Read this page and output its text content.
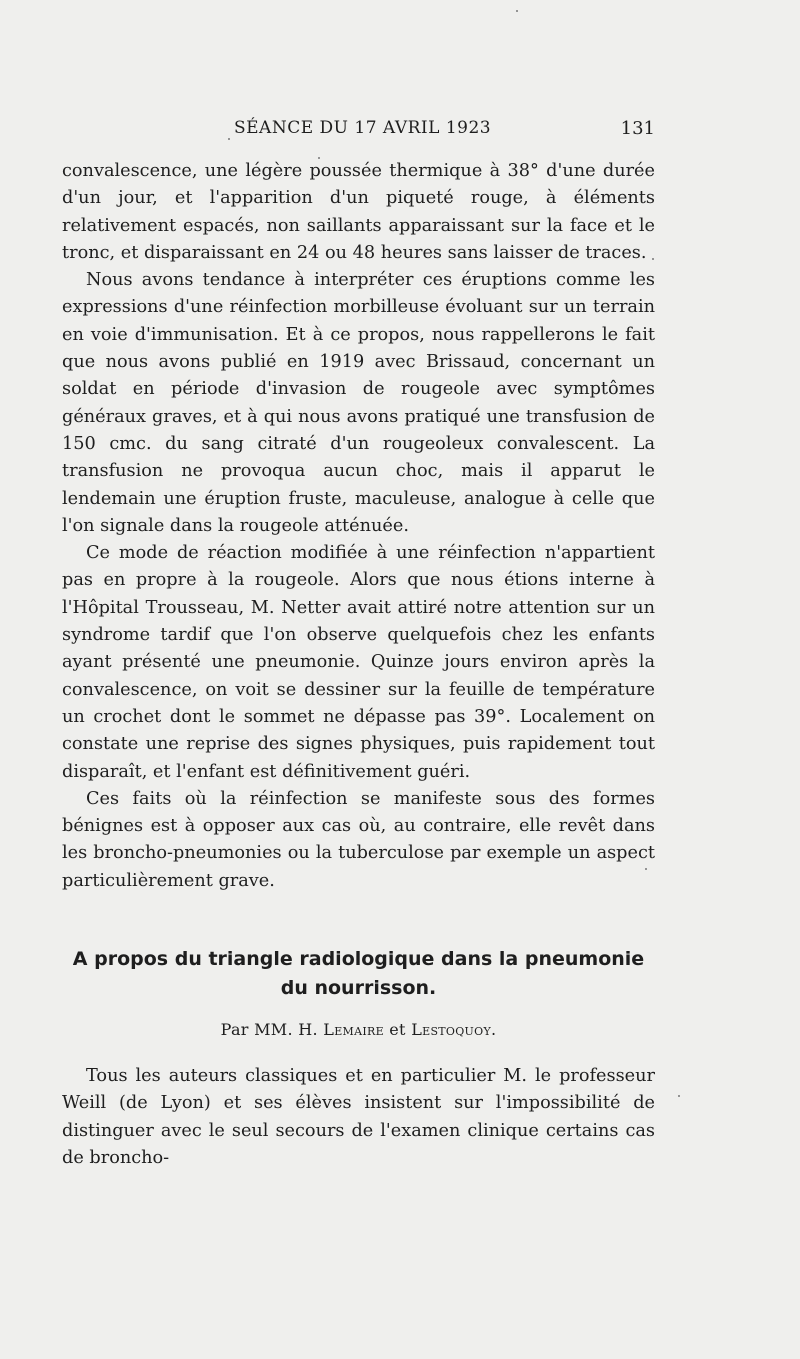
SÉANCE DU 17 AVRIL 1923	131

convalescence, une légère poussée thermique à 38° d'une durée d'un jour, et l'apparition d'un piqueté rouge, à éléments relativement espacés, non saillants apparaissant sur la face et le tronc, et disparaissant en 24 ou 48 heures sans laisser de traces.

Nous avons tendance à interpréter ces éruptions comme les expressions d'une réinfection morbilleuse évoluant sur un terrain en voie d'immunisation. Et à ce propos, nous rappellerons le fait que nous avons publié en 1919 avec Brissaud, concernant un soldat en période d'invasion de rougeole avec symptômes généraux graves, et à qui nous avons pratiqué une transfusion de 150 cmc. du sang citraté d'un rougeoleux convalescent. La transfusion ne provoqua aucun choc, mais il apparut le lendemain une éruption fruste, maculeuse, analogue à celle que l'on signale dans la rougeole atténuée.

Ce mode de réaction modifiée à une réinfection n'appartient pas en propre à la rougeole. Alors que nous étions interne à l'Hôpital Trousseau, M. Netter avait attiré notre attention sur un syndrome tardif que l'on observe quelquefois chez les enfants ayant présenté une pneumonie. Quinze jours environ après la convalescence, on voit se dessiner sur la feuille de température un crochet dont le sommet ne dépasse pas 39°. Localement on constate une reprise des signes physiques, puis rapidement tout disparaît, et l'enfant est définitivement guéri.

Ces faits où la réinfection se manifeste sous des formes bénignes est à opposer aux cas où, au contraire, elle revêt dans les broncho-pneumonies ou la tuberculose par exemple un aspect particulièrement grave.

A propos du triangle radiologique dans la pneumonie
du nourrisson.
Par MM. H. Lemaire et Lestoquoy.

Tous les auteurs classiques et en particulier M. le professeur Weill (de Lyon) et ses élèves insistent sur l'impossibilité de distinguer avec le seul secours de l'examen clinique certains cas de broncho-
